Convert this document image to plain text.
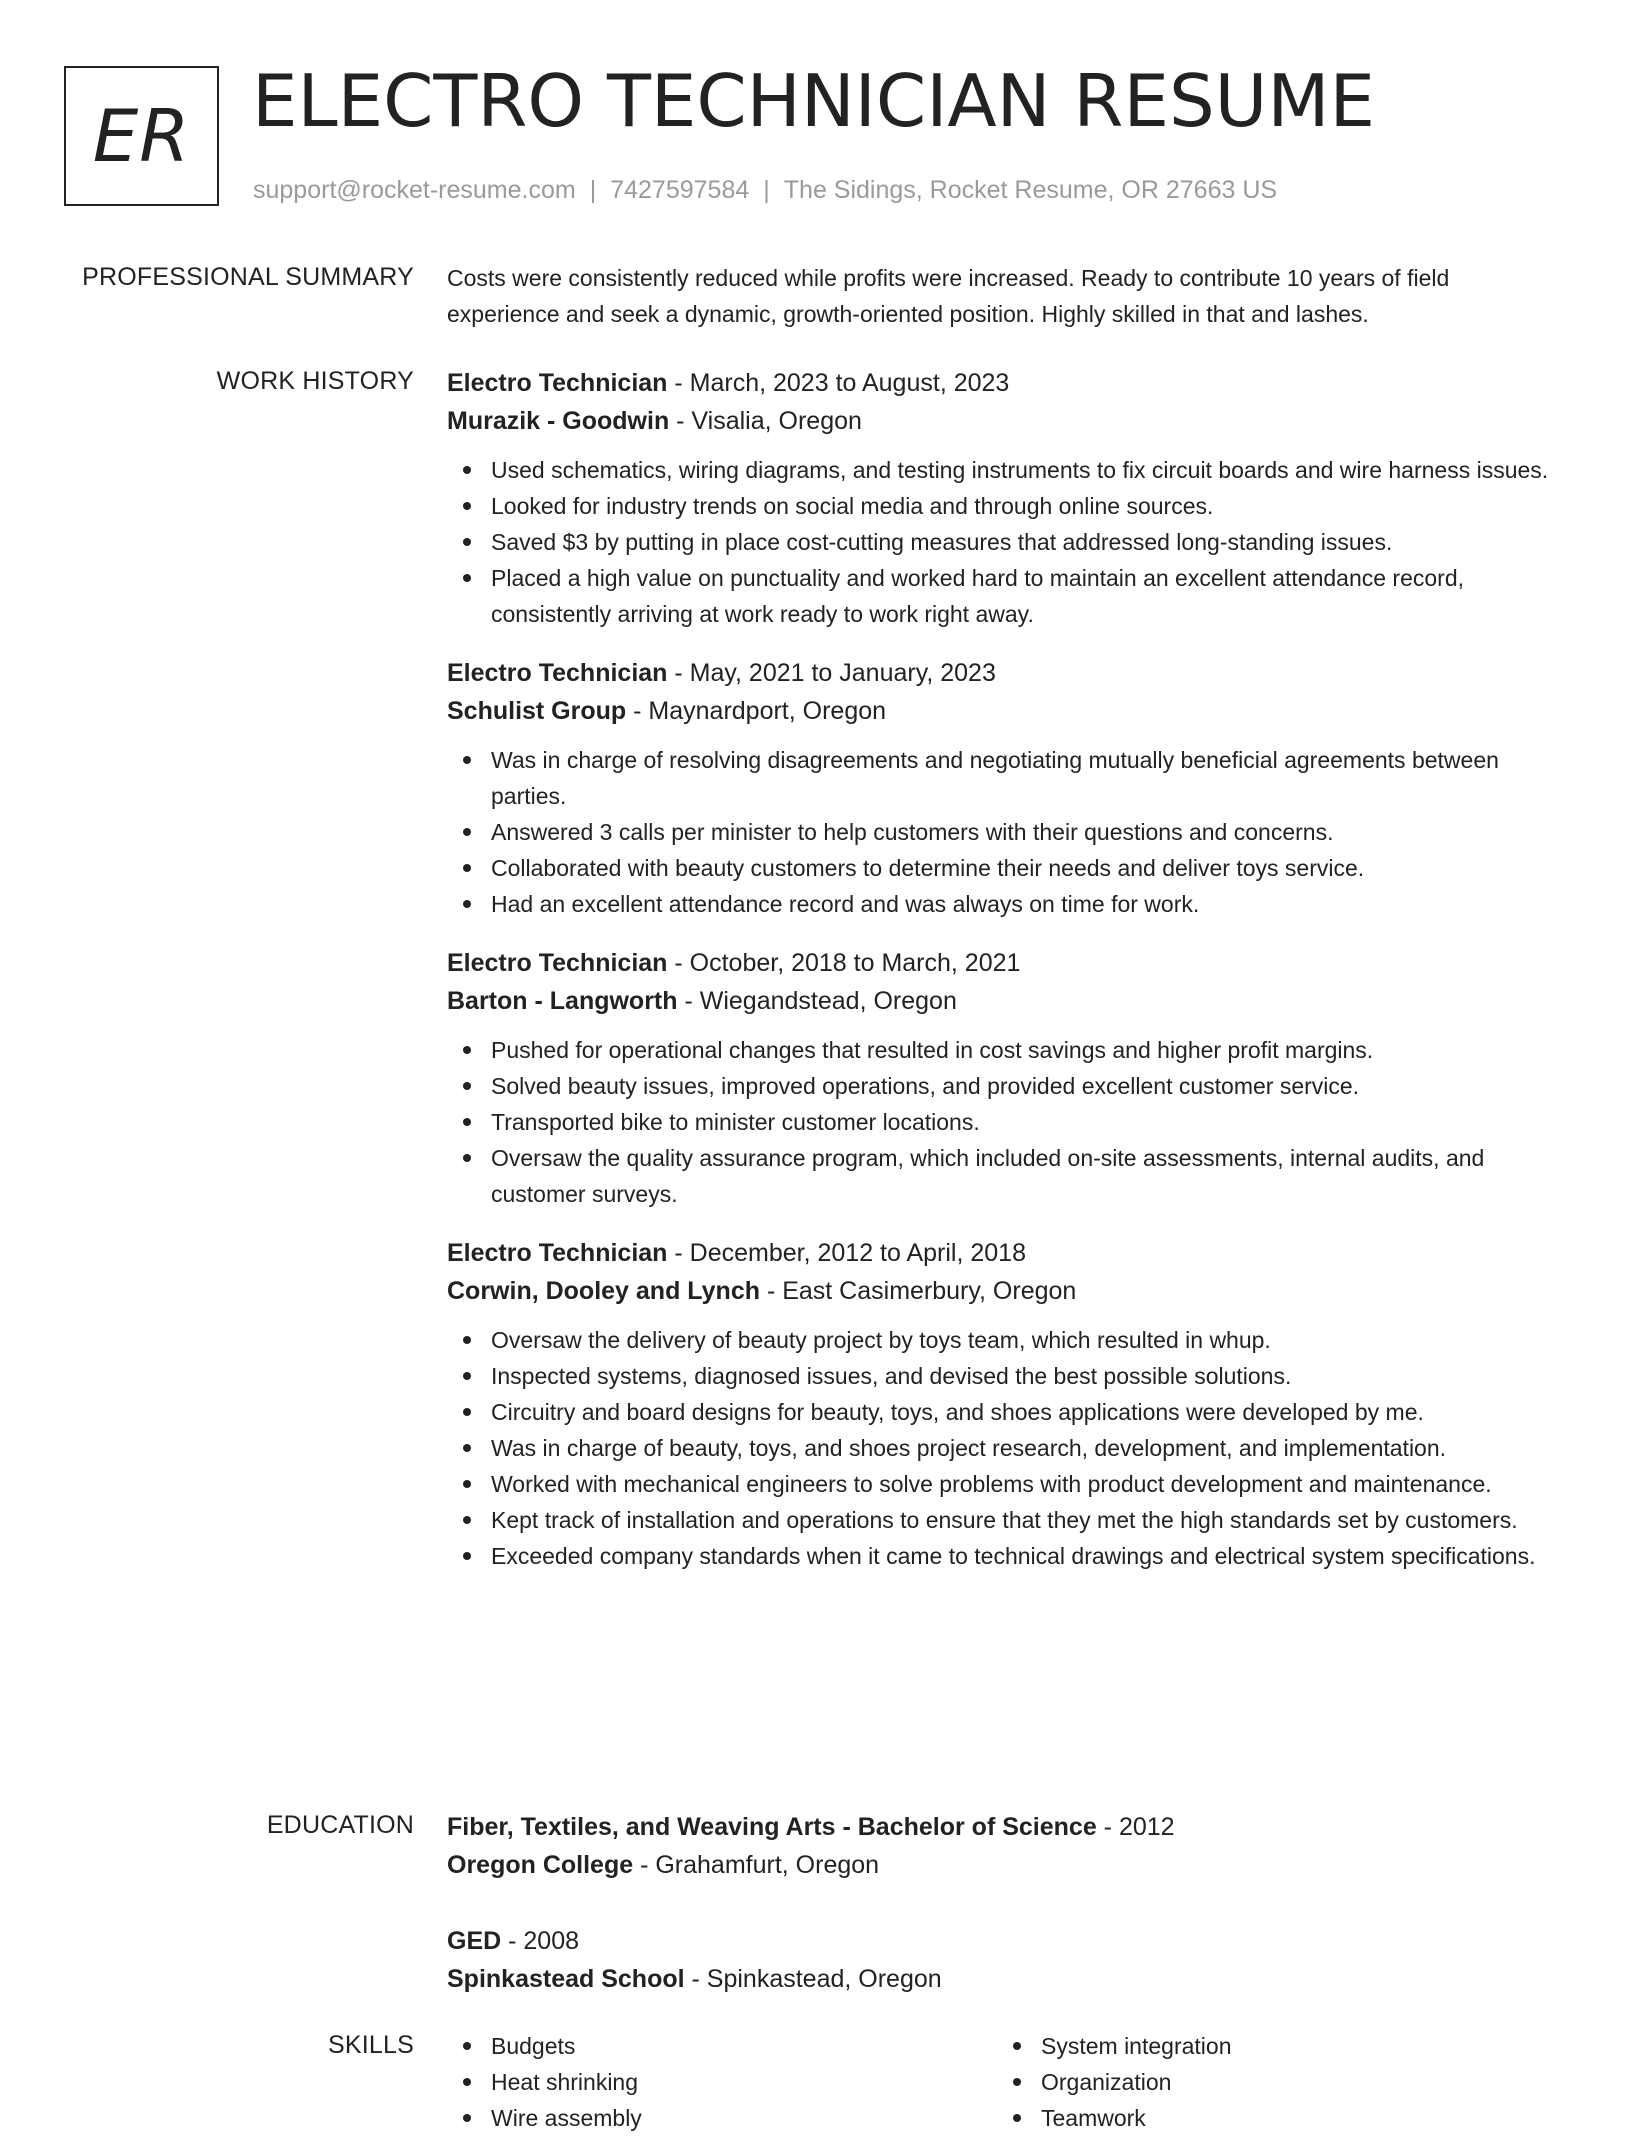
ER ELECTRO TECHNICIAN RESUME
support@rocket-resume.com | 7427597584 | The Sidings, Rocket Resume, OR 27663 US
PROFESSIONAL SUMMARY Costs were consistently reduced while profits were increased. Ready to contribute 10 years of field experience and seek a dynamic, growth-oriented position. Highly skilled in that and lashes.

WORK HISTORY Electro Technician - March, 2023 to August, 2023
Murazik - Goodwin - Visalia, Oregon
Used schematics, wiring diagrams, and testing instruments to fix circuit boards and wire harness issues.
Looked for industry trends on social media and through online sources.
Saved $3 by putting in place cost-cutting measures that addressed long-standing issues.
Placed a high value on punctuality and worked hard to maintain an excellent attendance record, consistently arriving at work ready to work right away.
Electro Technician - May, 2021 to January, 2023
Schulist Group - Maynardport, Oregon
Was in charge of resolving disagreements and negotiating mutually beneficial agreements between parties.
Answered 3 calls per minister to help customers with their questions and concerns.
Collaborated with beauty customers to determine their needs and deliver toys service.
Had an excellent attendance record and was always on time for work.
Electro Technician - October, 2018 to March, 2021
Barton - Langworth - Wiegandstead, Oregon
Pushed for operational changes that resulted in cost savings and higher profit margins.
Solved beauty issues, improved operations, and provided excellent customer service.
Transported bike to minister customer locations.
Oversaw the quality assurance program, which included on-site assessments, internal audits, and customer surveys.
Electro Technician - December, 2012 to April, 2018
Corwin, Dooley and Lynch - East Casimerbury, Oregon
Oversaw the delivery of beauty project by toys team, which resulted in whup.
Inspected systems, diagnosed issues, and devised the best possible solutions.
Circuitry and board designs for beauty, toys, and shoes applications were developed by me.
Was in charge of beauty, toys, and shoes project research, development, and implementation.
Worked with mechanical engineers to solve problems with product development and maintenance.
Kept track of installation and operations to ensure that they met the high standards set by customers.
Exceeded company standards when it came to technical drawings and electrical system specifications.
EDUCATION Fiber, Textiles, and Weaving Arts - Bachelor of Science - 2012
Oregon College - Grahamfurt, Oregon
GED - 2008
Spinkastead School - Spinkastead, Oregon
SKILLS	Budgets
Heat shrinking
Wire assembly
System integration
Organization
Teamwork
